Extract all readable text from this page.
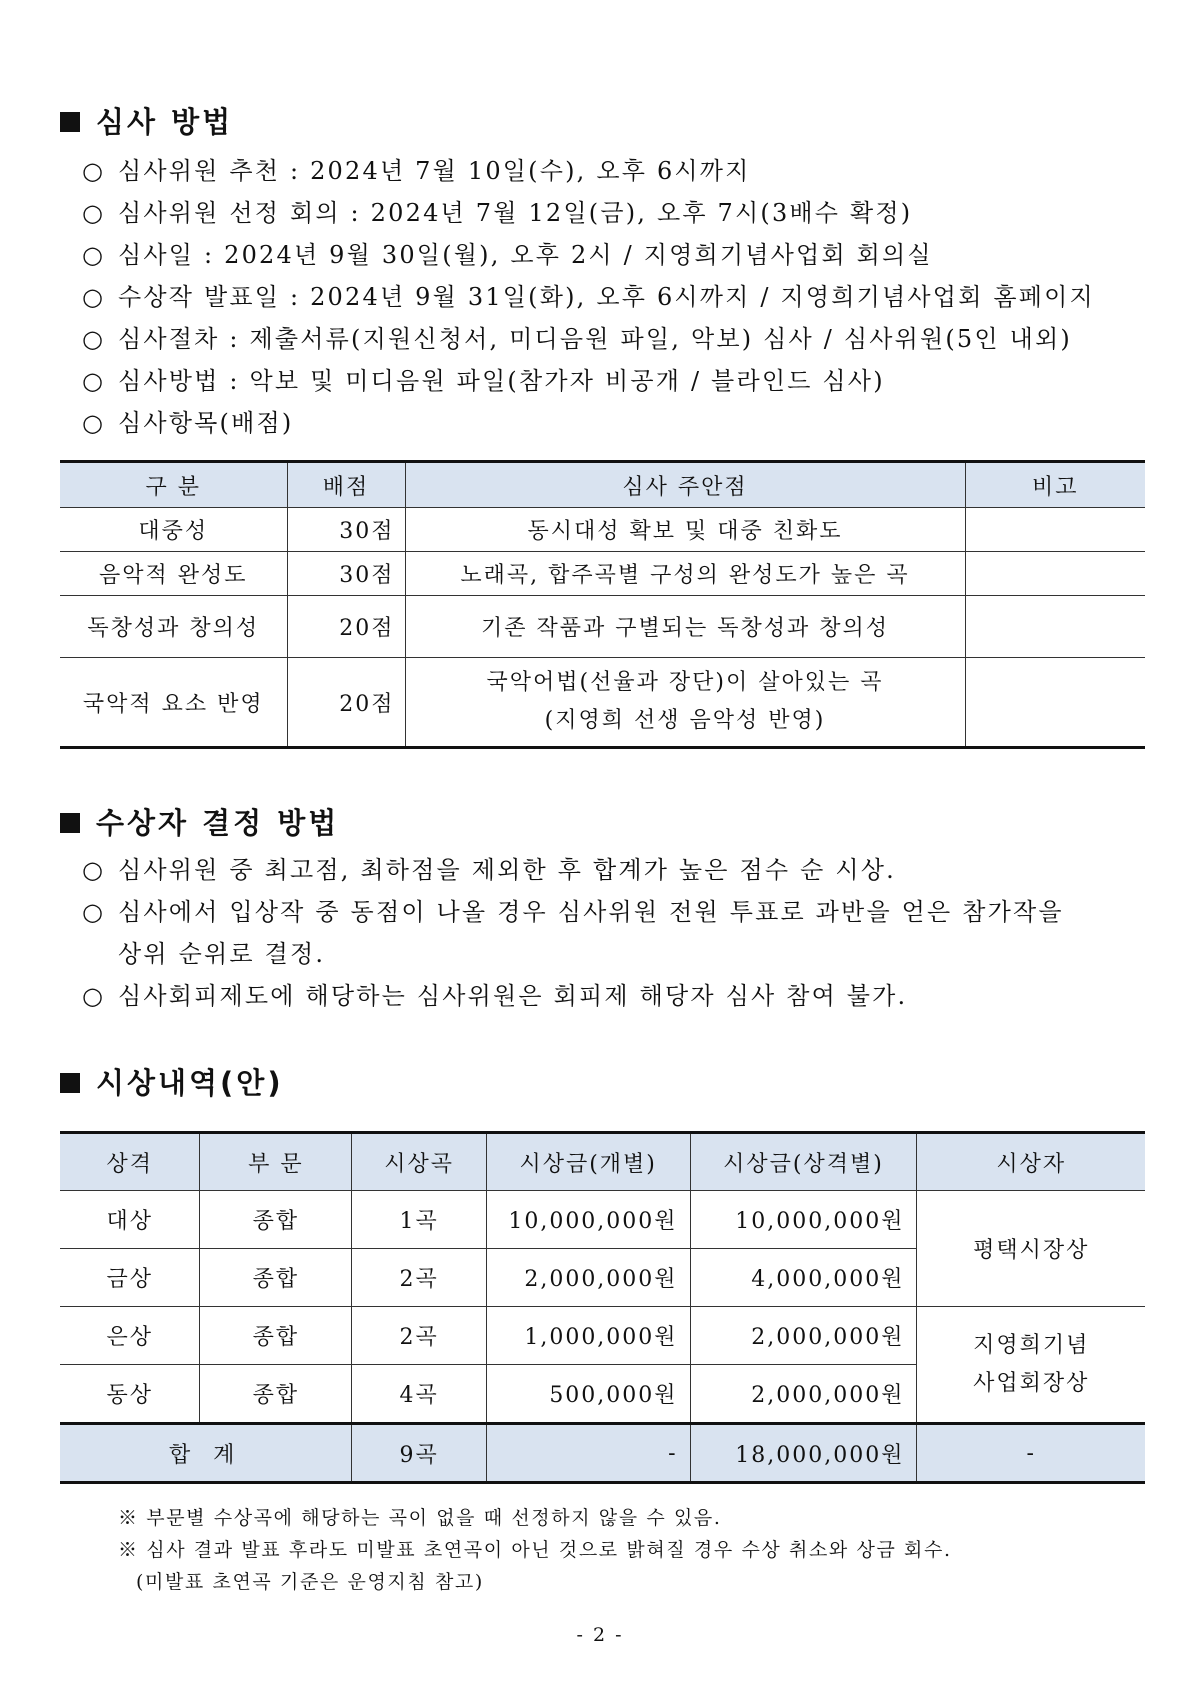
심사 방법
○ 심사위원 추천 : 2024년 7월 10일(수), 오후 6시까지
○ 심사위원 선정 회의 : 2024년 7월 12일(금), 오후 7시(3배수 확정)
○ 심사일 : 2024년 9월 30일(월), 오후 2시 / 지영희기념사업회 회의실
○ 수상작 발표일 : 2024년 9월 31일(화), 오후 6시까지 / 지영희기념사업회 홈페이지
○ 심사절차 : 제출서류(지원신청서, 미디음원 파일, 악보) 심사 / 심사위원(5인 내외)
○ 심사방법 : 악보 및 미디음원 파일(참가자 비공개 / 블라인드 심사)
○ 심사항목(배점)
구 분	배점	심사 주안점	비고
대중성	30점	동시대성 확보 및 대중 친화도	
음악적 완성도	30점	노래곡, 합주곡별 구성의 완성도가 높은 곡	
독창성과 창의성	20점	기존 작품과 구별되는 독창성과 창의성	
국악적 요소 반영	20점	국악어법(선율과 장단)이 살아있는 곡
(지영희 선생 음악성 반영)	

수상자 결정 방법
○ 심사위원 중 최고점, 최하점을 제외한 후 합계가 높은 점수 순 시상.
○ 심사에서 입상작 중 동점이 나올 경우 심사위원 전원 투표로 과반을 얻은 참가작을
상위 순위로 결정.
○ 심사회피제도에 해당하는 심사위원은 회피제 해당자 심사 참여 불가.
시상내역(안)
상격	부 문	시상곡	시상금(개별)	시상금(상격별)	시상자
대상	종합	1곡	10,000,000원	10,000,000원	평택시장상
금상	종합	2곡	2,000,000원	4,000,000원	
은상	종합	2곡	1,000,000원	2,000,000원	지영희기념
사업회장상

동상	종합	4곡	500,000원	2,000,000원	
합 계		9곡	-	18,000,000원	-
※ 부문별 수상곡에 해당하는 곡이 없을 때 선정하지 않을 수 있음.
※ 심사 결과 발표 후라도 미발표 초연곡이 아닌 것으로 밝혀질 경우 수상 취소와 상금 회수.
(미발표 초연곡 기준은 운영지침 참고)
- 2 -
